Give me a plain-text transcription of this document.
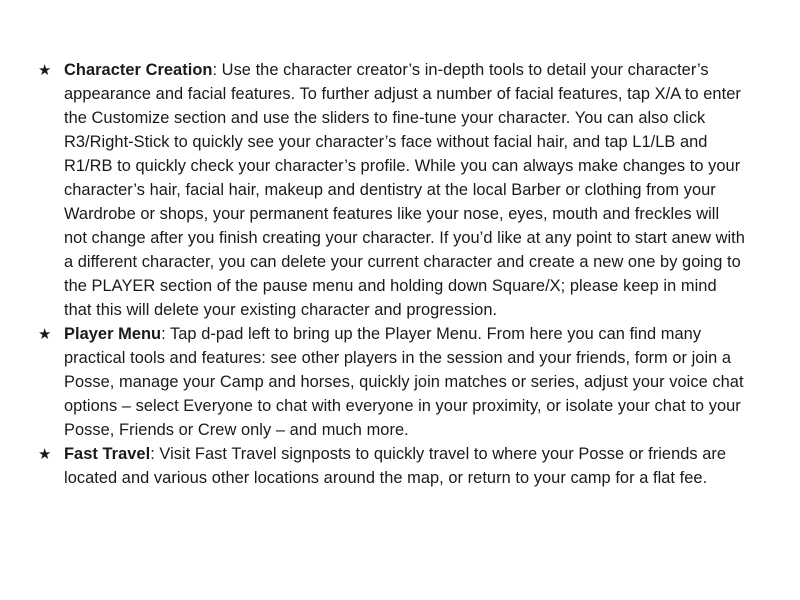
★ Character Creation: Use the character creator’s in-depth tools to detail your character’s appearance and facial features. To further adjust a number of facial features, tap X/A to enter the Customize section and use the sliders to fine-tune your character. You can also click R3/Right-Stick to quickly see your character’s face without facial hair, and tap L1/LB and R1/RB to quickly check your character’s profile. While you can always make changes to your character’s hair, facial hair, makeup and dentistry at the local Barber or clothing from your Wardrobe or shops, your permanent features like your nose, eyes, mouth and freckles will not change after you finish creating your character. If you’d like at any point to start anew with a different character, you can delete your current character and create a new one by going to the PLAYER section of the pause menu and holding down Square/X; please keep in mind that this will delete your existing character and progression.
★ Player Menu: Tap d-pad left to bring up the Player Menu. From here you can find many practical tools and features: see other players in the session and your friends, form or join a Posse, manage your Camp and horses, quickly join matches or series, adjust your voice chat options – select Everyone to chat with everyone in your proximity, or isolate your chat to your Posse, Friends or Crew only – and much more.
★ Fast Travel: Visit Fast Travel signposts to quickly travel to where your Posse or friends are located and various other locations around the map, or return to your camp for a flat fee.
